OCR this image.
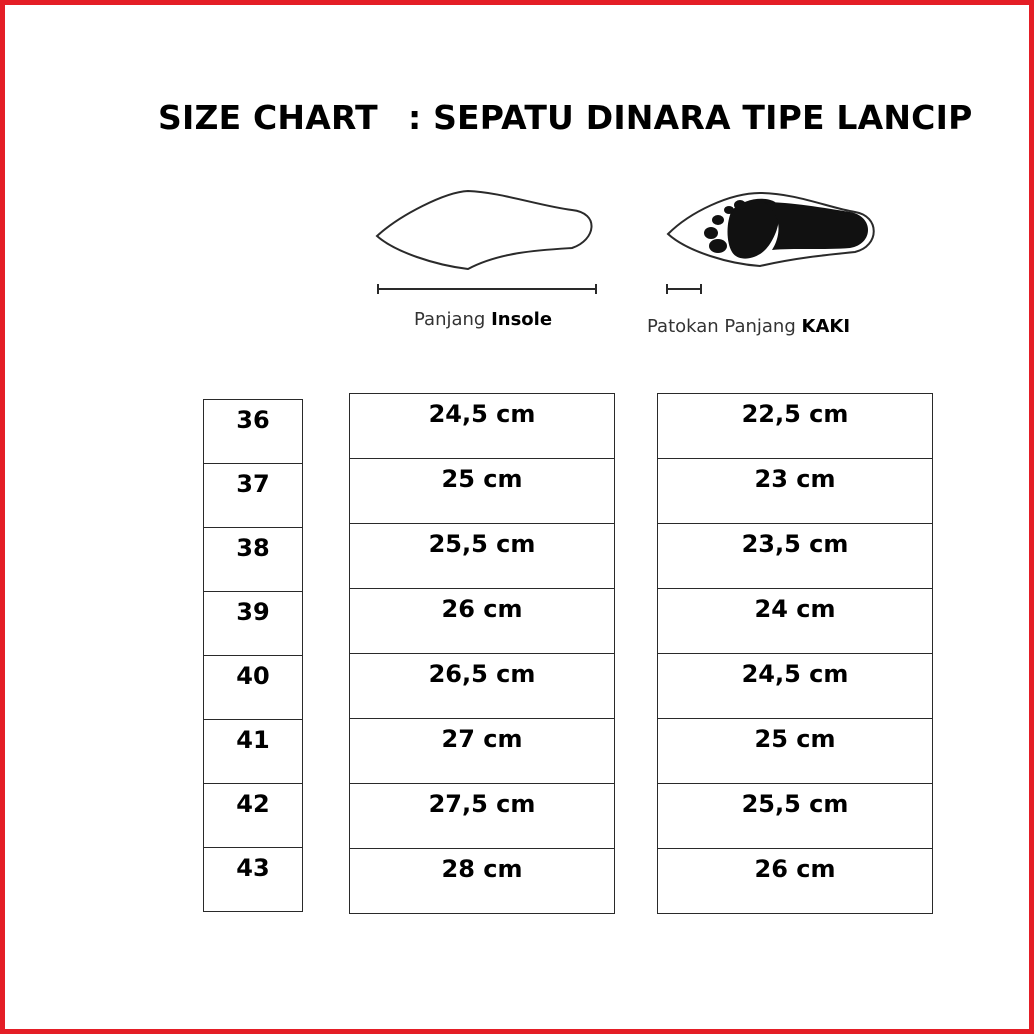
SIZE CHART : SEPATU DINARA TIPE LANCIP
Panjang Insole	Patokan Panjang KAKI
36
37
38
39
40
41
42
43
24,5 cm
25 cm
25,5 cm
26 cm
26,5 cm
27 cm
27,5 cm
28 cm
22,5 cm
23 cm
23,5 cm
24 cm
24,5 cm
25 cm
25,5 cm
26 cm
